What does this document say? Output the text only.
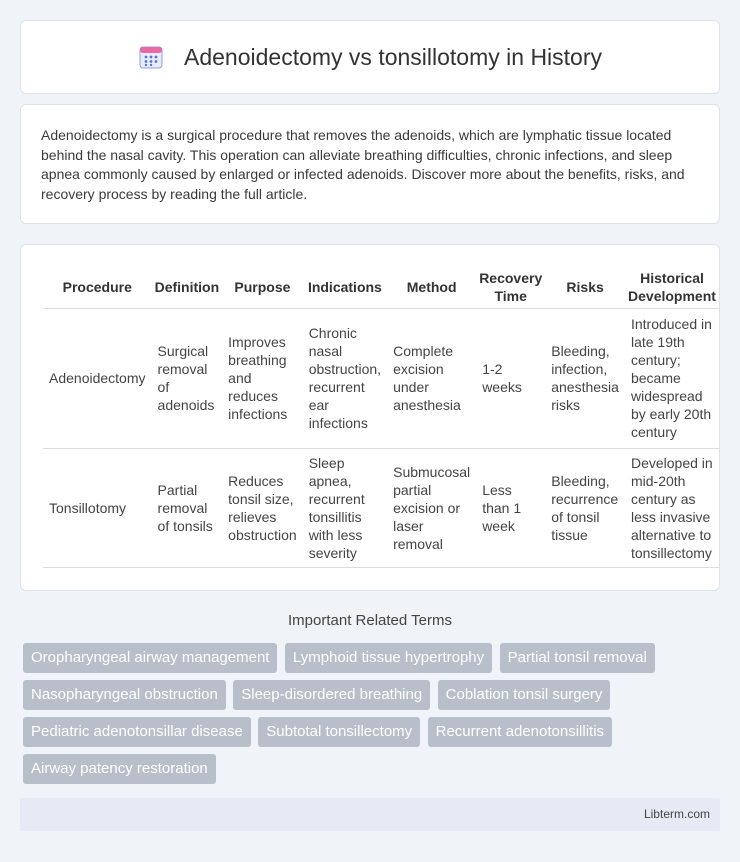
Adenoidectomy vs tonsillotomy in History

Adenoidectomy is a surgical procedure that removes the adenoids, which are lymphatic tissue located behind the nasal cavity. This operation can alleviate breathing difficulties, chronic infections, and sleep apnea commonly caused by enlarged or infected adenoids. Discover more about the benefits, risks, and recovery process by reading the full article.

Procedure	Definition	Purpose	Indications	Method	Recovery Time	Risks	Historical Development
Adenoidectomy	Surgical removal of adenoids	Improves breathing and reduces infections	Chronic nasal obstruction, recurrent ear infections	Complete excision under anesthesia	1-2 weeks	Bleeding, infection, anesthesia risks	Introduced in late 19th century; became widespread by early 20th century
Tonsillotomy	Partial removal of tonsils	Reduces tonsil size, relieves obstruction	Sleep apnea, recurrent tonsillitis with less severity	Submucosal partial excision or laser removal	Less than 1 week	Bleeding, recurrence of tonsil tissue	Developed in mid-20th century as less invasive alternative to tonsillectomy
Important Related Terms
Oropharyngeal airway management Lymphoid tissue hypertrophy Partial tonsil removal Nasopharyngeal obstruction Sleep-disordered breathing Coblation tonsil surgery Pediatric adenotonsillar disease Subtotal tonsillectomy Recurrent adenotonsillitis Airway patency restoration
Libterm.com
